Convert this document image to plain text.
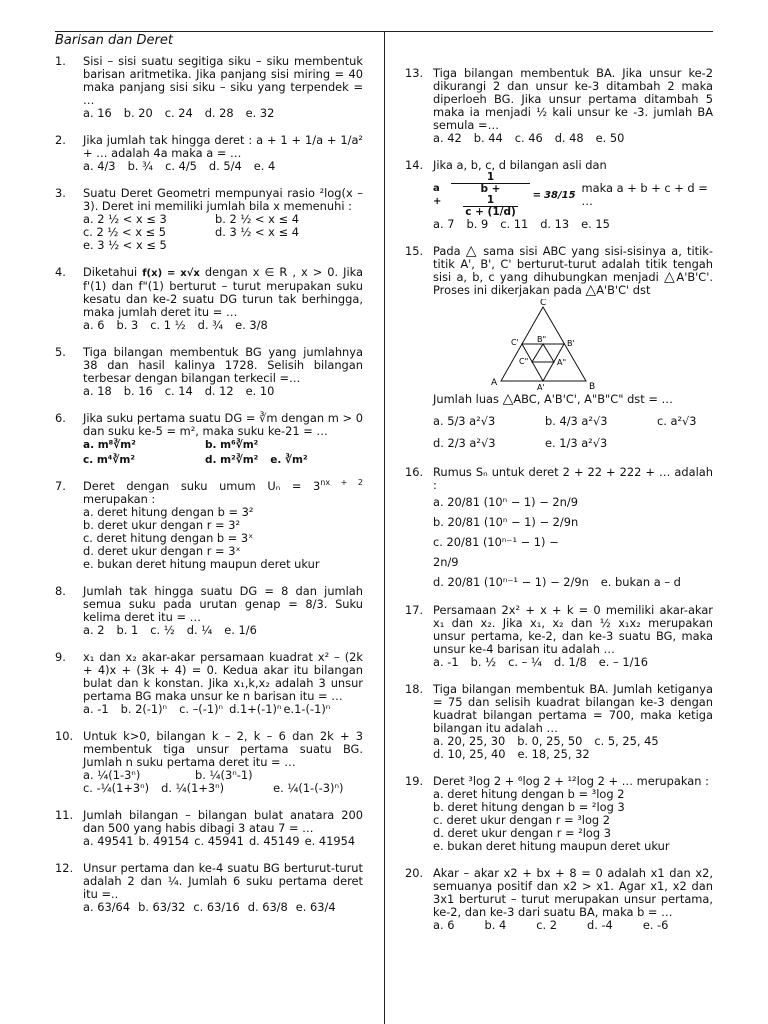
Barisan dan Deret
1. Sisi – sisi suatu segitiga siku – siku membentuk barisan aritmetika. Jika panjang sisi miring = 40 maka panjang sisi siku – siku yang terpendek = …
a. 16 b. 20 c. 24 d. 28 e. 32
2. Jika jumlah tak hingga deret : a + 1 + 1/a + 1/a² + … adalah 4a maka a = …
a. 4/3 b. ¾ c. 4/5 d. 5/4 e. 4
3. Suatu Deret Geometri mempunyai rasio ²log(x – 3). Deret ini memiliki jumlah bila x memenuhi :
a. 2 ½ < x ≤ 3	b. 2 ½ < x ≤ 4
c. 2 ½ < x ≤ 5	d. 3 ½ < x ≤ 4
e. 3 ½ < x ≤ 5
4. Diketahui f(x) = x√x dengan x ∈ R , x > 0. Jika f'(1) dan f"(1) berturut – turut merupakan suku kesatu dan ke-2 suatu DG turun tak berhingga, maka jumlah deret itu = …
a. 6 b. 3 c. 1 ½ d. ¾ e. 3/8
5. Tiga bilangan membentuk BG yang jumlahnya 38 dan hasil kalinya 1728. Selisih bilangan terbesar dengan bilangan terkecil =…
a. 18 b. 16 c. 14 d. 12 e. 10
6. Jika suku pertama suatu DG = ∛m dengan m > 0 dan suku ke-5 = m², maka suku ke-21 = …
a. m⁸∛m²	b. m⁶∛m²
c. m⁴∛m²	d. m²∛m² e. ∛m²
7. Deret dengan suku umum $U_n = 3^{nx + 2}$ merupakan :
a. deret hitung dengan b = 3²
b. deret ukur dengan r = 3²
c. deret hitung dengan b = 3ˣ
d. deret ukur dengan r = 3ˣ
e. bukan deret hitung maupun deret ukur
8. Jumlah tak hingga suatu DG = 8 dan jumlah semua suku pada urutan genap = 8/3. Suku kelima deret itu = …
a. 2 b. 1 c. ½ d. ¼ e. 1/6
9. x₁ dan x₂ akar-akar persamaan kuadrat x² – (2k + 4)x + (3k + 4) = 0. Kedua akar itu bilangan bulat dan k konstan. Jika x₁,k,x₂ adalah 3 unsur pertama BG maka unsur ke n barisan itu = …
a. -1 b. 2(-1)ⁿ c. –(-1)ⁿ d.1+(-1)ⁿ e.1-(-1)ⁿ
10. Untuk k>0, bilangan k – 2, k – 6 dan 2k + 3 membentuk tiga unsur pertama suatu BG. Jumlah n suku pertama deret itu = …
a. ¼(1-3ⁿ)	b. ¼(3ⁿ-1)
c. -¼(1+3ⁿ) d. ¼(1+3ⁿ)	e. ¼(1-(-3)ⁿ)
11. Jumlah bilangan – bilangan bulat anatara 200 dan 500 yang habis dibagi 3 atau 7 = …
a. 49541 b. 49154 c. 45941 d. 45149 e. 41954
12. Unsur pertama dan ke-4 suatu BG berturut-turut adalah 2 dan ¼. Jumlah 6 suku pertama deret itu =..
a. 63/64 b. 63/32 c. 63/16 d. 63/8 e. 63/4
13. Tiga bilangan membentuk BA. Jika unsur ke-2 dikurangi 2 dan unsur ke-3 ditambah 2 maka diperloeh BG. Jika unsur pertama ditambah 5 maka ia menjadi ½ kali unsur ke -3. jumlah BA semula =…
a. 42 b. 44 c. 46 d. 48 e. 50
14. Jika a, b, c, d bilangan asli dan
a + 1
b +
$\frac{1}{c + (1/d)} = 38/15$ maka a + b + c + d = …
a. 7 b. 9 c. 11 d. 13 e. 15
15. Pada △ sama sisi ABC yang sisi-sisinya a, titik-titik A', B', C' berturut-turut adalah titik tengah sisi a, b, c yang dihubungkan menjadi △A'B'C'. Proses ini dikerjakan pada △A'B'C' dst
C
C' B"	B'
C"	A"
A	A'	B
Jumlah luas △ABC, A'B'C', A"B"C" dst = …
a. 5/3 a²√3	b. 4/3 a²√3	c. a²√3
d. 2/3 a²√3	e. 1/3 a²√3
16. Rumus Sₙ untuk deret 2 + 22 + 222 + … adalah :
a. 20/81 (10ⁿ − 1) − 2n/9
b. 20/81 (10ⁿ − 1) − 2/9n
c. 20/81 (10ⁿ⁻¹ − 1) − 2n/9
d. 20/81 (10ⁿ⁻¹ − 1) − 2/9n e. bukan a – d
17. Persamaan 2x² + x + k = 0 memiliki akar-akar x₁ dan x₂. Jika x₁, x₂ dan ½ x₁x₂ merupakan unsur pertama, ke-2, dan ke-3 suatu BG, maka unsur ke-4 barisan itu adalah …
a. -1 b. ½ c. – ¼ d. 1/8 e. – 1/16
18. Tiga bilangan membentuk BA. Jumlah ketiganya = 75 dan selisih kuadrat bilangan ke-3 dengan kuadrat bilangan pertama = 700, maka ketiga bilangan itu adalah …
a. 20, 25, 30 b. 0, 25, 50 c. 5, 25, 45
d. 10, 25, 40 e. 18, 25, 32
19. Deret ³log 2 + ⁶log 2 + ¹²log 2 + … merupakan :
a. deret hitung dengan b = ³log 2
b. deret hitung dengan b = ²log 3
c. deret ukur dengan r = ³log 2
d. deret ukur dengan r = ²log 3
e. bukan deret hitung maupun deret ukur
20. Akar – akar x2 + bx + 8 = 0 adalah x1 dan x2, semuanya positif dan x2 > x1. Agar x1, x2 dan 3x1 berturut – turut merupakan unsur pertama, ke-2, dan ke-3 dari suatu BA, maka b = …
a. 6	b. 4	c. 2	d. -4	e. -6
